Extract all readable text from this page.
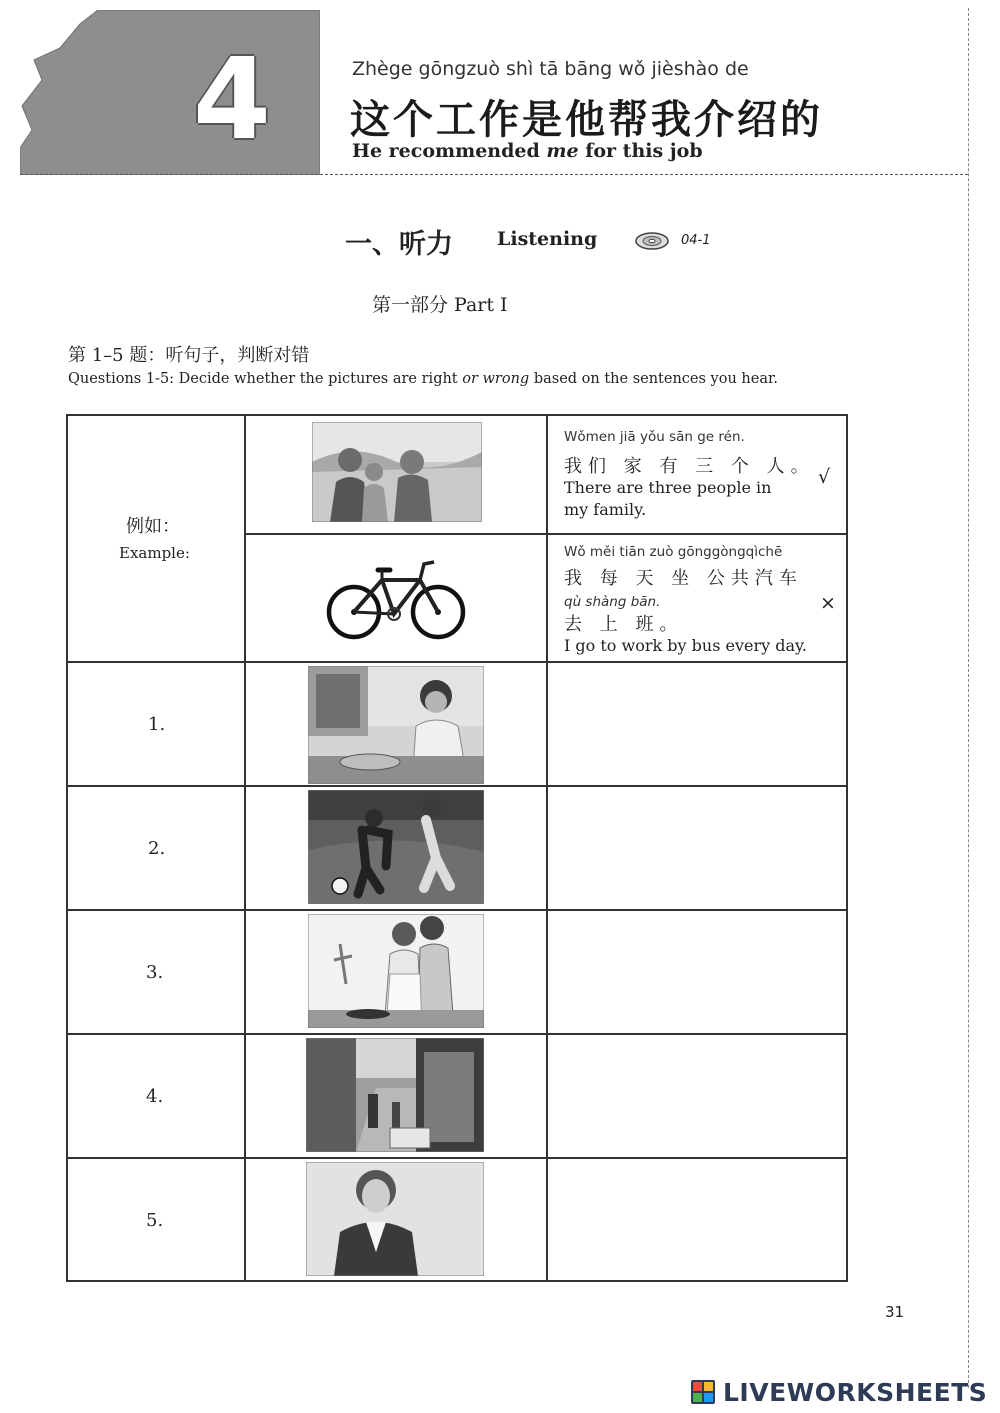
4	Zhège gōngzuò shì tā bāng wǒ jièshào de
这个工作是他帮我介绍的
He recommended me for this job
一、听力 Listening	04-1
第一部分 Part Ⅰ
第 1–5 题：听句子，判断对错
Questions 1-5: Decide whether the pictures are right or wrong based on the sentences you hear.
例如：
Example:
Wǒmen jiā yǒu sān ge rén.
我们 家 有 三 个 人。
There are three people in
my family.
√
Wǒ měi tiān zuò gōnggòngqìchē
我 每 天 坐 公共汽车
qù shàng bān.
去 上 班。
I go to work by bus every day.
×
1.
2.
3.
4.
5.
31
LIVEWORKSHEETS
